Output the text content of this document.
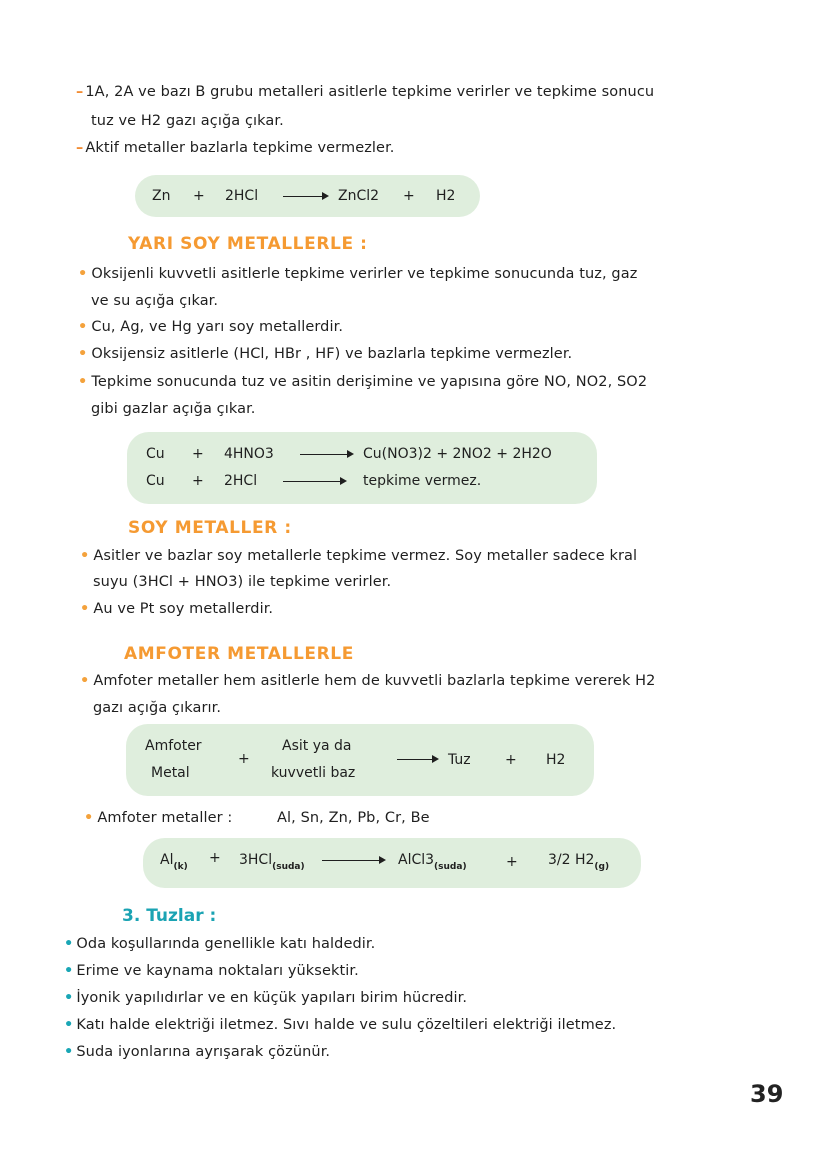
– 1A, 2A ve bazı B grubu metalleri asitlerle tepkime verirler ve tepkime sonucu
tuz ve H2 gazı açığa çıkar.
– Aktif metaller bazlarla tepkime vermezler.
Zn + 2HCl → ZnCl2 + H2
YARI SOY METALLERLE :
• Oksijenli kuvvetli asitlerle tepkime verirler ve tepkime sonucunda tuz, gaz
ve su açığa çıkar.
• Cu, Ag, ve Hg yarı soy metallerdir.
• Oksijensiz asitlerle (HCl, HBr , HF) ve bazlarla tepkime vermezler.
• Tepkime sonucunda tuz ve asitin derişimine ve yapısına göre NO, NO2, SO2
gibi gazlar açığa çıkar.
Cu + 4HNO3 → Cu(NO3)2 + 2NO2 + 2H2O
Cu + 2HCl → tepkime vermez.
SOY METALLER :
• Asitler ve bazlar soy metallerle tepkime vermez. Soy metaller sadece kral
suyu (3HCl + HNO3) ile tepkime verirler.
• Au ve Pt soy metallerdir.
AMFOTER METALLERLE
• Amfoter metaller hem asitlerle hem de kuvvetli bazlarla tepkime vererek H2
gazı açığa çıkarır.
Amfoter
Metal
+
Asit ya da
kuvvetli baz
→ Tuz + H2
• Amfoter metaller :	Al, Sn, Zn, Pb, Cr, Be
$Al_{(k)}$
+ $3HCl_{(suda)} \to AlCl3_{(suda)}$	+ 3/2 $H2_{(g)}$
3. Tuzlar :
• Oda koşullarında genellikle katı haldedir.
• Erime ve kaynama noktaları yüksektir.
• İyonik yapılıdırlar ve en küçük yapıları birim hücredir.
• Katı halde elektriği iletmez. Sıvı halde ve sulu çözeltileri elektriği iletmez.
• Suda iyonlarına ayrışarak çözünür.
39
